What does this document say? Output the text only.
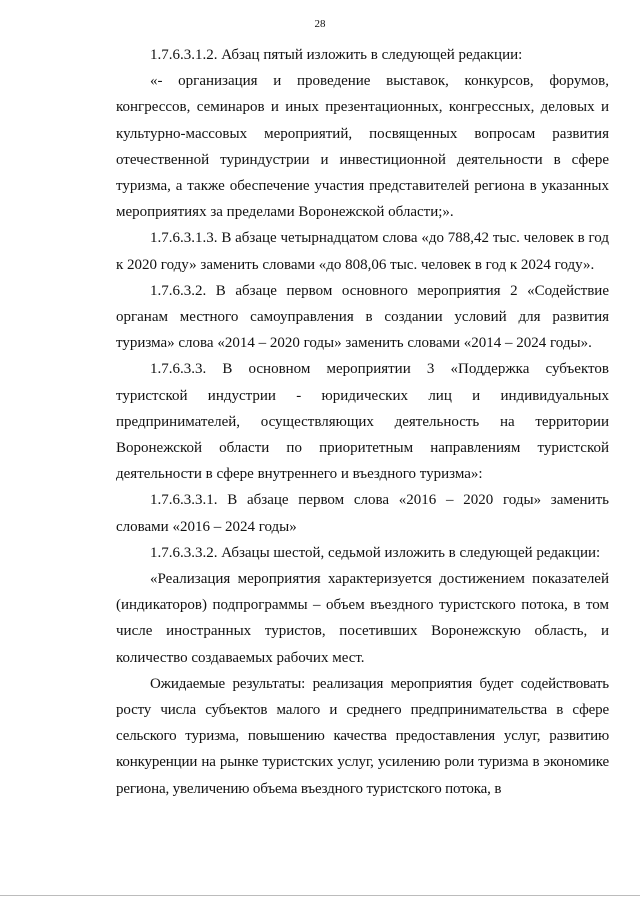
28

1.7.6.3.1.2. Абзац пятый изложить в следующей редакции:

«- организация и проведение выставок, конкурсов, форумов, конгрессов, семинаров и иных презентационных, конгрессных, деловых и культурно-массовых мероприятий, посвященных вопросам развития отечественной туриндустрии и инвестиционной деятельности в сфере туризма, а также обеспечение участия представителей региона в указанных мероприятиях за пределами Воронежской области;».

1.7.6.3.1.3. В абзаце четырнадцатом слова «до 788,42 тыс. человек в год к 2020 году» заменить словами «до 808,06 тыс. человек в год к 2024 году».

1.7.6.3.2. В абзаце первом основного мероприятия 2 «Содействие органам местного самоуправления в создании условий для развития туризма» слова «2014 – 2020 годы» заменить словами «2014 – 2024 годы».

1.7.6.3.3. В основном мероприятии 3 «Поддержка субъектов туристской индустрии - юридических лиц и индивидуальных предпринимателей, осуществляющих деятельность на территории Воронежской области по приоритетным направлениям туристской деятельности в сфере внутреннего и въездного туризма»:

1.7.6.3.3.1. В абзаце первом слова «2016 – 2020 годы» заменить словами «2016 – 2024 годы»

1.7.6.3.3.2. Абзацы шестой, седьмой изложить в следующей редакции:

«Реализация мероприятия характеризуется достижением показателей (индикаторов) подпрограммы – объем въездного туристского потока, в том числе иностранных туристов, посетивших Воронежскую область, и количество создаваемых рабочих мест.

Ожидаемые результаты: реализация мероприятия будет содействовать росту числа субъектов малого и среднего предпринимательства в сфере сельского туризма, повышению качества предоставления услуг, развитию конкуренции на рынке туристских услуг, усилению роли туризма в экономике региона, увеличению объема въездного туристского потока, в
